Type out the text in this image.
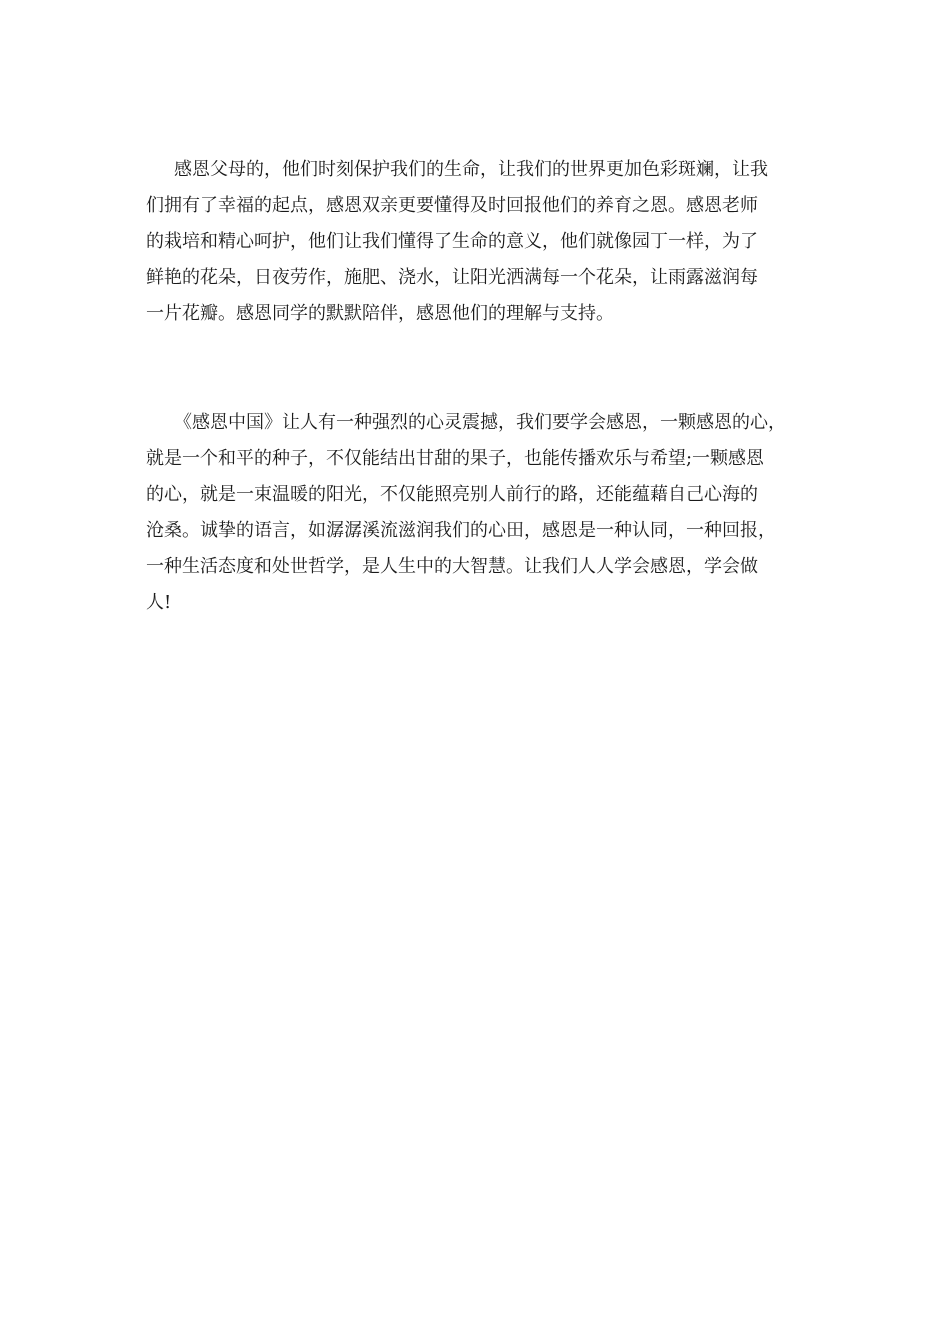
感恩父母的，他们时刻保护我们的生命，让我们的世界更加色彩斑斓，让我
们拥有了幸福的起点，感恩双亲更要懂得及时回报他们的养育之恩。感恩老师
的栽培和精心呵护，他们让我们懂得了生命的意义，他们就像园丁一样，为了
鲜艳的花朵，日夜劳作，施肥、浇水，让阳光洒满每一个花朵，让雨露滋润每
一片花瓣。感恩同学的默默陪伴，感恩他们的理解与支持。
《感恩中国》让人有一种强烈的心灵震撼，我们要学会感恩，一颗感恩的心，
就是一个和平的种子，不仅能结出甘甜的果子，也能传播欢乐与希望;一颗感恩
的心，就是一束温暖的阳光，不仅能照亮别人前行的路，还能蕴藉自己心海的
沧桑。诚挚的语言，如潺潺溪流滋润我们的心田，感恩是一种认同，一种回报，
一种生活态度和处世哲学，是人生中的大智慧。让我们人人学会感恩，学会做
人!
